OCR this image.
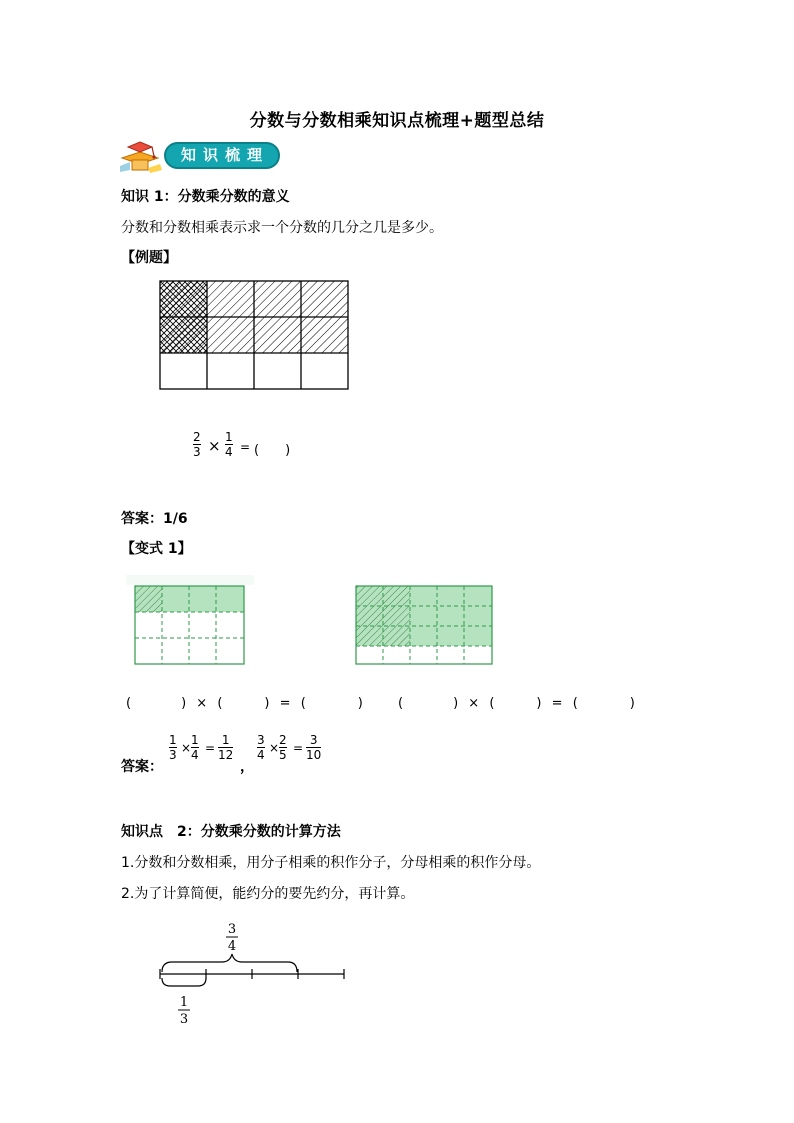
分数与分数相乘知识点梳理+题型总结
知识梳理
知识 1：分数乘分数的意义
分数和分数相乘表示求一个分数的几分之几是多少。
【例题】
$\frac{2}{3} \times \frac{1}{4}$ = (　　)
答案：1/6
【变式 1】
(	) × (	) = (	)	(	) × (	) = (	)
答案：
$\frac{1}{3} \times \frac{1}{4} = \frac{1}{12}$
，
$\frac{3}{4} \times \frac{2}{5} = \frac{3}{10}$
知识点　2：分数乘分数的计算方法
1.分数和分数相乘，用分子相乘的积作分子，分母相乘的积作分母。
2.为了计算简便，能约分的要先约分，再计算。
3
4
1
3
